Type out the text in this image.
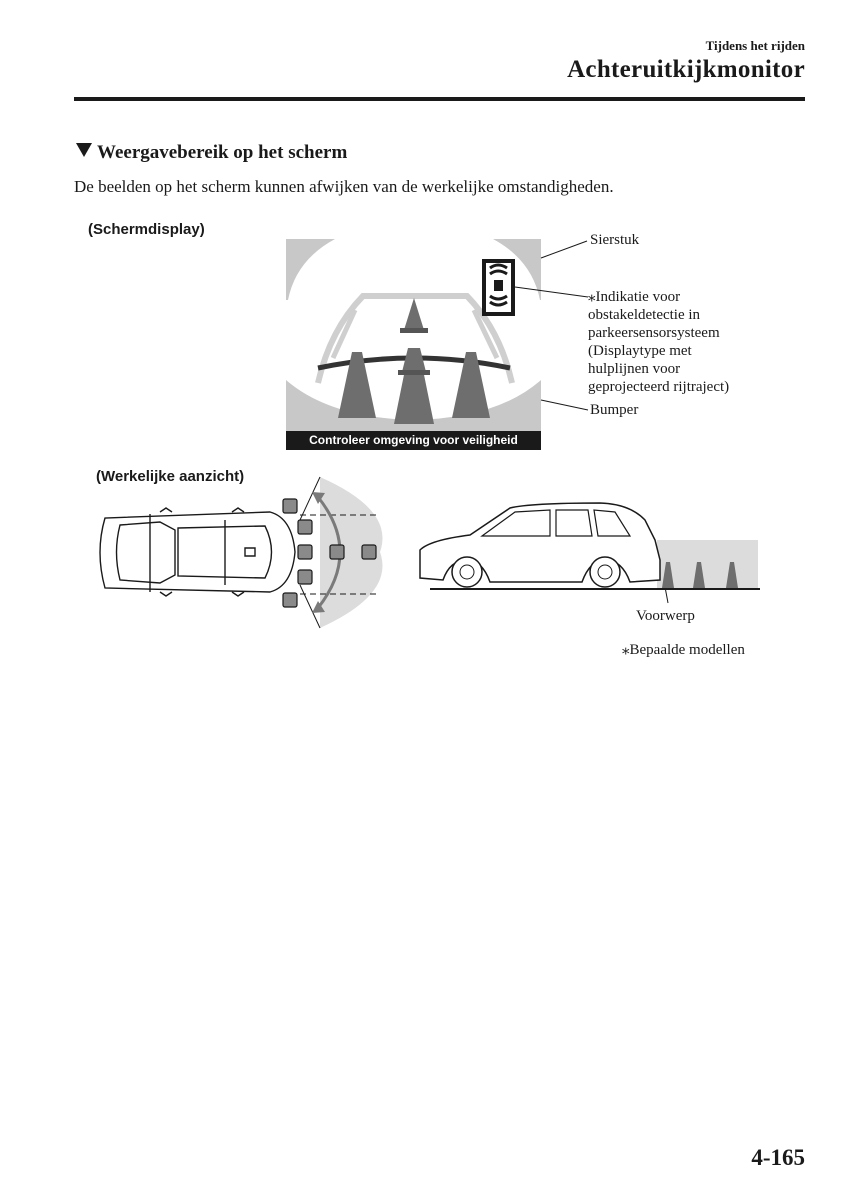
Tijdens het rijden
Achteruitkijkmonitor
Weergavebereik op het scherm
De beelden op het scherm kunnen afwijken van de werkelijke omstandigheden.
(Schermdisplay)
Controleer omgeving voor veiligheid
Sierstuk
⁎Indikatie voor
obstakeldetectie in
parkeersensorsysteem
(Displaytype met
hulplijnen voor
geprojecteerd rijtraject)
Bumper
(Werkelijke aanzicht)
Voorwerp
⁎Bepaalde modellen
4-165
